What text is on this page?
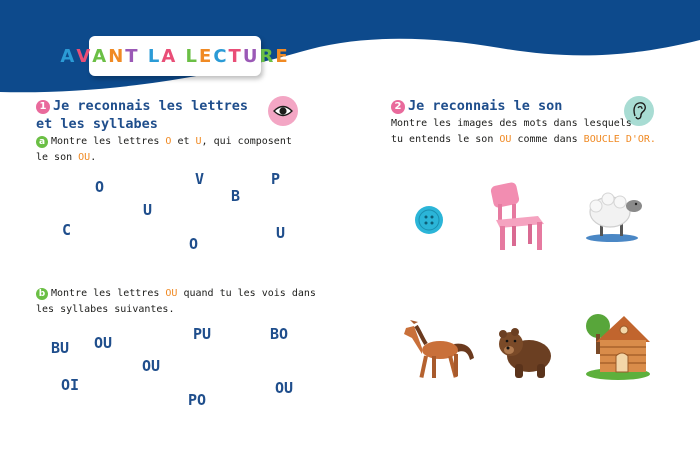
A V A N T
L A
L E C T U R E
1 Je reconnais les lettres
et les syllabes
a Montre les lettres O et U, qui composent
le son OU.
O	V	P
B
U
C
O
U
b Montre les lettres OU quand tu les vois dans
les syllabes suivantes.
BU OU	PU	BO
OU
OI
PO
OU
2 Je reconnais le son
Montre les images des mots dans lesquels
tu entends le son OU comme dans BOUCLE D'OR.
